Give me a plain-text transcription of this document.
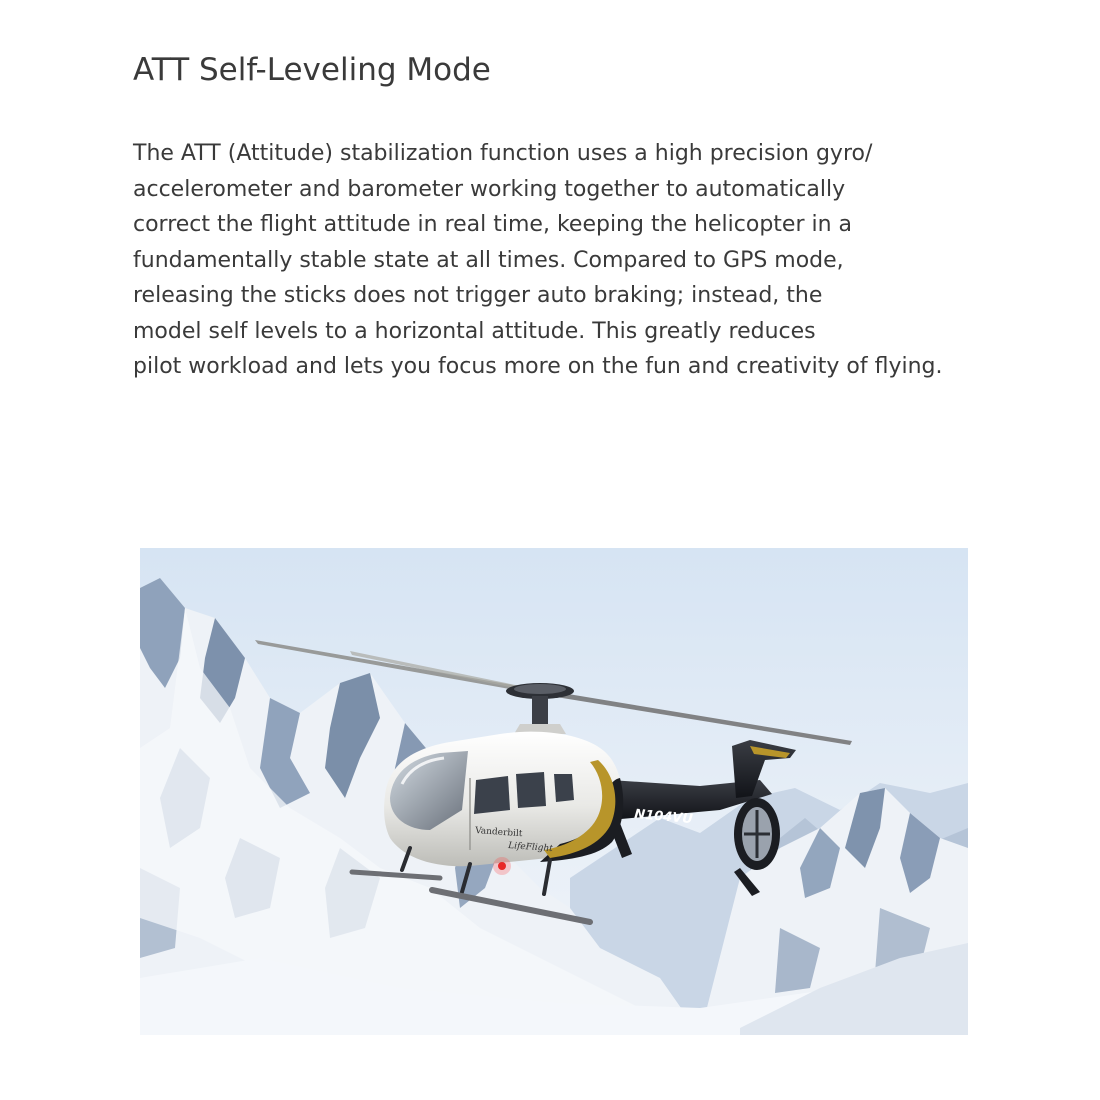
ATT Self-Leveling Mode
The ATT (Attitude) stabilization function uses a high precision gyro/
accelerometer and barometer working together to automatically
correct the flight attitude in real time, keeping the helicopter in a
fundamentally stable state at all times. Compared to GPS mode,
releasing the sticks does not trigger auto braking; instead, the
model self levels to a horizontal attitude. This greatly reduces
pilot workload and lets you focus more on the fun and creativity of flying.
Vanderbilt
LifeFlight
N104VU
